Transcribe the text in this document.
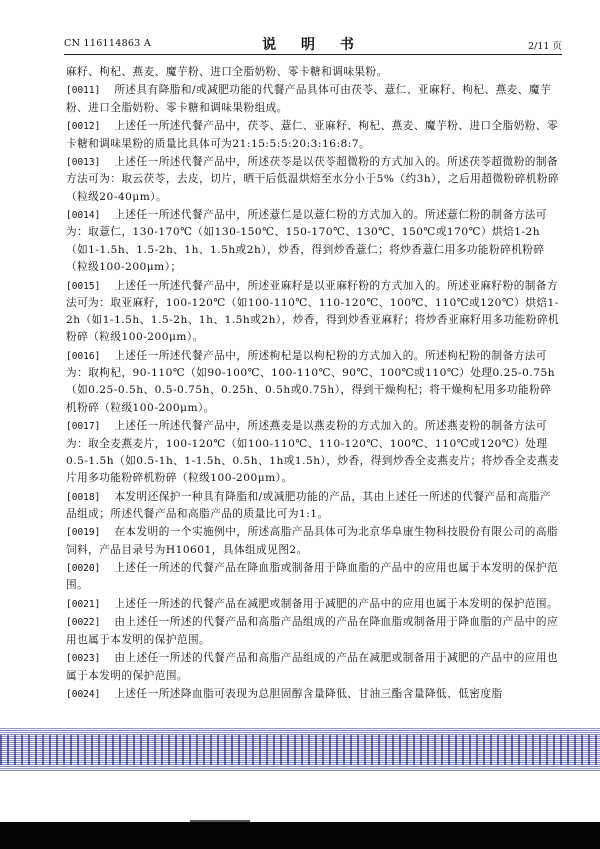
CN 116114863 A	说 明 书	2/11 页

麻籽、枸杞、燕麦、魔芋粉、进口全脂奶粉、零卡糖和调味果粉。

[0011] 所述具有降脂和/或减肥功能的代餐产品具体可由茯苓、薏仁、亚麻籽、枸杞、燕麦、魔芋粉、进口全脂奶粉、零卡糖和调味果粉组成。

[0012] 上述任一所述代餐产品中，茯苓、薏仁、亚麻籽、枸杞、燕麦、魔芋粉、进口全脂奶粉、零卡糖和调味果粉的质量比具体可为21:15:5:5:20:3:16:8:7。

[0013] 上述任一所述代餐产品中，所述茯苓是以茯苓超微粉的方式加入的。所述茯苓超微粉的制备方法可为：取云茯苓，去皮，切片，晒干后低温烘焙至水分小于5%（约3h），之后用超微粉碎机粉碎（粒级20-40μm）。

[0014] 上述任一所述代餐产品中，所述薏仁是以薏仁粉的方式加入的。所述薏仁粉的制备方法可为：取薏仁，130-170℃（如130-150℃、150-170℃、130℃、150℃或170℃）烘焙1-2h（如1-1.5h、1.5-2h、1h、1.5h或2h），炒香，得到炒香薏仁；将炒香薏仁用多功能粉碎机粉碎（粒级100-200μm）；

[0015] 上述任一所述代餐产品中，所述亚麻籽是以亚麻籽粉的方式加入的。所述亚麻籽粉的制备方法可为：取亚麻籽，100-120℃（如100-110℃、110-120℃、100℃、110℃或120℃）烘焙1-2h（如1-1.5h、1.5-2h、1h、1.5h或2h），炒香，得到炒香亚麻籽；将炒香亚麻籽用多功能粉碎机粉碎（粒级100-200μm）。

[0016] 上述任一所述代餐产品中，所述枸杞是以枸杞粉的方式加入的。所述枸杞粉的制备方法可为：取枸杞，90-110℃（如90-100℃、100-110℃、90℃、100℃或110℃）处理0.25-0.75h（如0.25-0.5h、0.5-0.75h、0.25h、0.5h或0.75h），得到干燥枸杞；将干燥枸杞用多功能粉碎机粉碎（粒级100-200μm）。

[0017] 上述任一所述代餐产品中，所述燕麦是以燕麦粉的方式加入的。所述燕麦粉的制备方法可为：取全麦燕麦片，100-120℃（如100-110℃、110-120℃、100℃、110℃或120℃）处理0.5-1.5h（如0.5-1h、1-1.5h、0.5h、1h或1.5h），炒香，得到炒香全麦燕麦片；将炒香全麦燕麦片用多功能粉碎机粉碎（粒级100-200μm）。

[0018] 本发明还保护一种具有降脂和/或减肥功能的产品，其由上述任一所述的代餐产品和高脂产品组成；所述代餐产品和高脂产品的质量比可为1:1。

[0019] 在本发明的一个实施例中，所述高脂产品具体可为北京华阜康生物科技股份有限公司的高脂饲料，产品目录号为H10601，具体组成见图2。

[0020] 上述任一所述的代餐产品在降血脂或制备用于降血脂的产品中的应用也属于本发明的保护范围。

[0021] 上述任一所述的代餐产品在减肥或制备用于减肥的产品中的应用也属于本发明的保护范围。

[0022] 由上述任一所述的代餐产品和高脂产品组成的产品在降血脂或制备用于降血脂的产品中的应用也属于本发明的保护范围。

[0023] 由上述任一所述的代餐产品和高脂产品组成的产品在减肥或制备用于减肥的产品中的应用也属于本发明的保护范围。

[0024] 上述任一所述降血脂可表现为总胆固醇含量降低、甘油三酯含量降低、低密度脂
